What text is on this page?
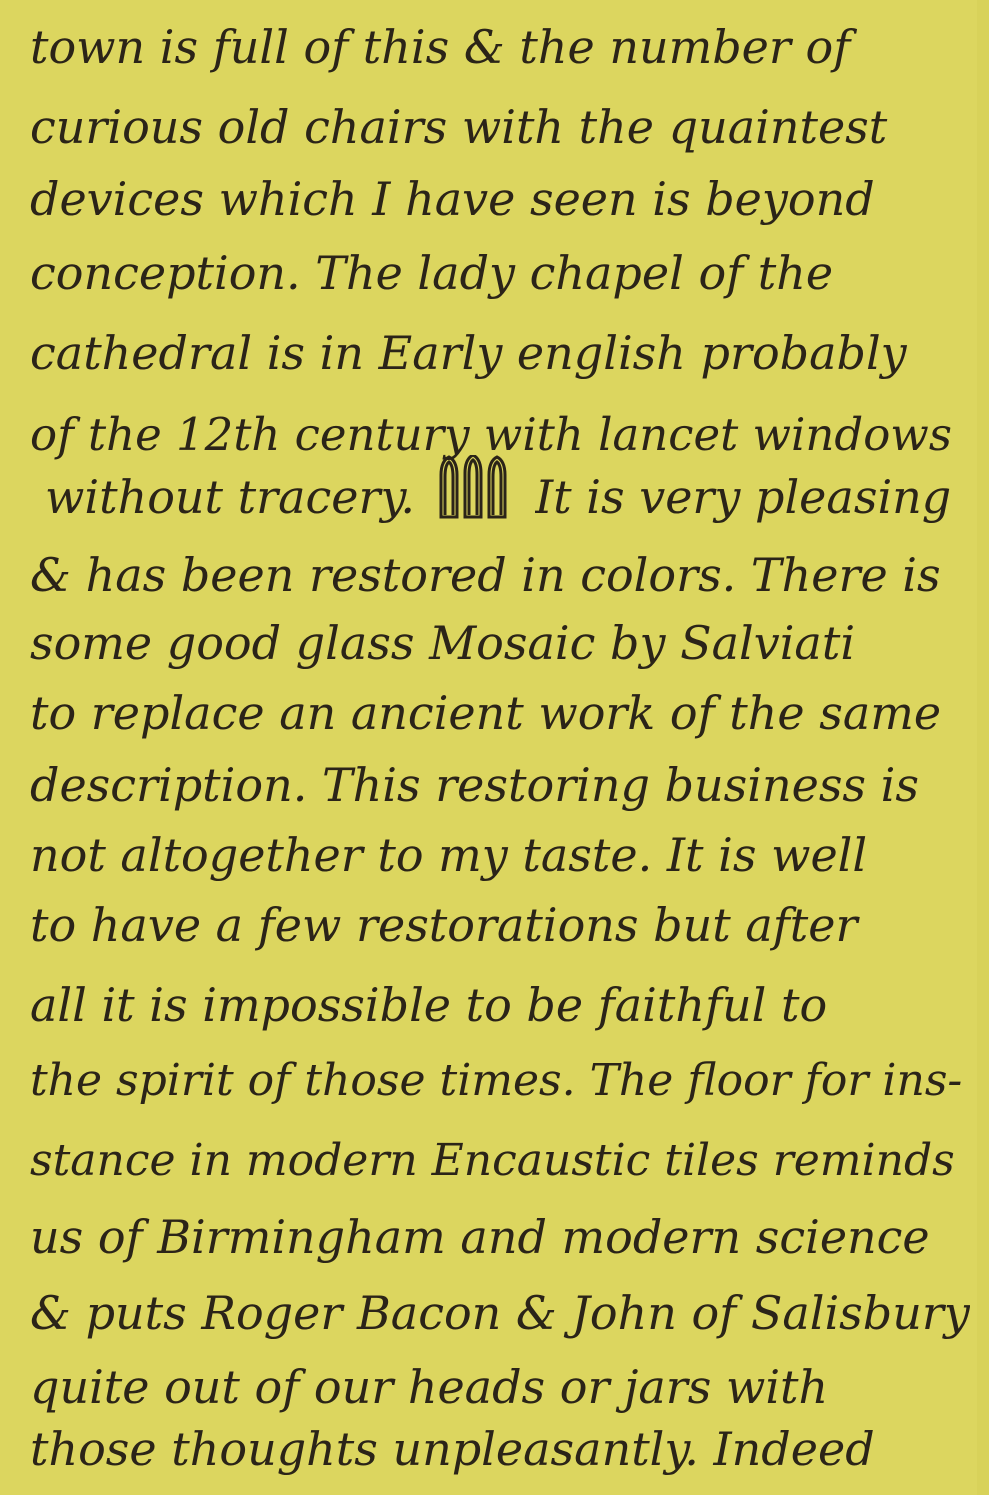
town is full of this & the number of
curious old chairs with the quaintest
devices which I have seen is beyond
conception. The lady chapel of the
cathedral is in Early english probably
of the 12th century with lancet windows
without tracery.	It is very pleasing
& has been restored in colors. There is
some good glass Mosaic by Salviati
to replace an ancient work of the same
description. This restoring business is
not altogether to my taste. It is well
to have a few restorations but after
all it is impossible to be faithful to
the spirit of those times. The floor for ins-
stance in modern Encaustic tiles reminds
us of Birmingham and modern science
& puts Roger Bacon & John of Salisbury
quite out of our heads or jars with
those thoughts unpleasantly. Indeed
